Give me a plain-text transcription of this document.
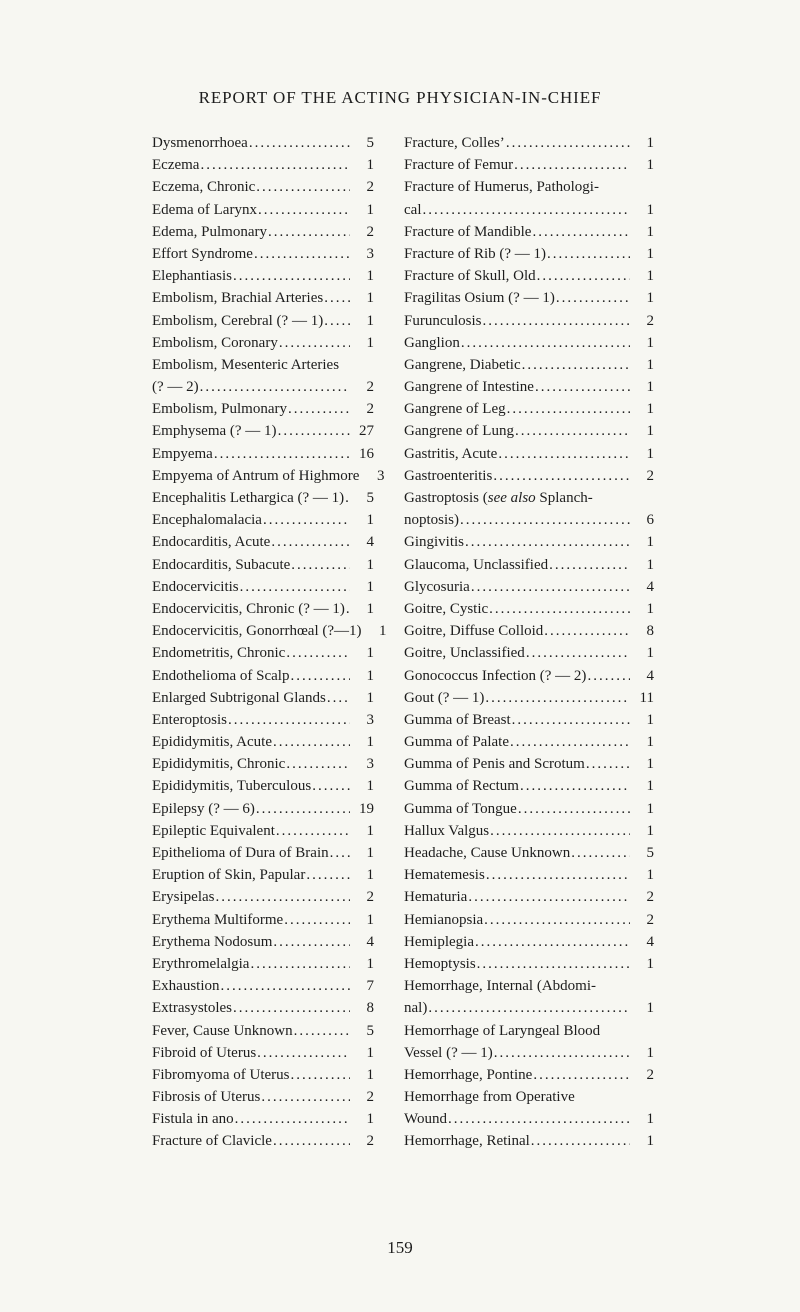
REPORT OF THE ACTING PHYSICIAN-IN-CHIEF
Dysmenorrhoea .....	5
Eczema .....	1
Eczema, Chronic .....	2
Edema of Larynx .....	1
Edema, Pulmonary .....	2
Effort Syndrome .....	3
Elephantiasis .....	1
Embolism, Brachial Arteries .....	1
Embolism, Cerebral (? — 1) .....	1
Embolism, Coronary .....	1
Embolism, Mesenteric Arteries
(? — 2) .....	2
Embolism, Pulmonary .....	2
Emphysema (? — 1) .....	27
Empyema .....	16
Empyema of Antrum of Highmore	3
Encephalitis Lethargica (? — 1) .....	5
Encephalomalacia .....	1
Endocarditis, Acute .....	4
Endocarditis, Subacute .....	1
Endocervicitis .....	1
Endocervicitis, Chronic (? — 1) .....	1
Endocervicitis, Gonorrhœal (?—1)	1
Endometritis, Chronic .....	1
Endothelioma of Scalp .....	1
Enlarged Subtrigonal Glands .....	1
Enteroptosis .....	3
Epididymitis, Acute .....	1
Epididymitis, Chronic .....	3
Epididymitis, Tuberculous .....	1
Epilepsy (? — 6) .....	19
Epileptic Equivalent .....	1
Epithelioma of Dura of Brain .....	1
Eruption of Skin, Papular .....	1
Erysipelas .....	2
Erythema Multiforme .....	1
Erythema Nodosum .....	4
Erythromelalgia .....	1
Exhaustion .....	7
Extrasystoles .....	8
Fever, Cause Unknown .....	5
Fibroid of Uterus .....	1
Fibromyoma of Uterus .....	1
Fibrosis of Uterus .....	2
Fistula in ano .....	1
Fracture of Clavicle .....	2
Fracture, Colles’ .....	1
Fracture of Femur .....	1
Fracture of Humerus, Pathologi-
cal .....	1
Fracture of Mandible .....	1
Fracture of Rib (? — 1) .....	1
Fracture of Skull, Old .....	1
Fragilitas Osium (? — 1) .....	1
Furunculosis .....	2
Ganglion .....	1
Gangrene, Diabetic .....	1
Gangrene of Intestine .....	1
Gangrene of Leg .....	1
Gangrene of Lung .....	1
Gastritis, Acute .....	1
Gastroenteritis .....	2
Gastroptosis (see also Splanch-
noptosis) .....	6
Gingivitis .....	1
Glaucoma, Unclassified .....	1
Glycosuria .....	4
Goitre, Cystic .....	1
Goitre, Diffuse Colloid .....	8
Goitre, Unclassified .....	1
Gonococcus Infection (? — 2) .....	4
Gout (? — 1) .....	11
Gumma of Breast .....	1
Gumma of Palate .....	1
Gumma of Penis and Scrotum .....	1
Gumma of Rectum .....	1
Gumma of Tongue .....	1
Hallux Valgus .....	1
Headache, Cause Unknown .....	5
Hematemesis .....	1
Hematuria .....	2
Hemianopsia .....	2
Hemiplegia .....	4
Hemoptysis .....	1
Hemorrhage, Internal (Abdomi-
nal) .....	1
Hemorrhage of Laryngeal Blood
Vessel (? — 1) .....	1
Hemorrhage, Pontine .....	2
Hemorrhage from Operative
Wound .....	1
Hemorrhage, Retinal .....	1
159
